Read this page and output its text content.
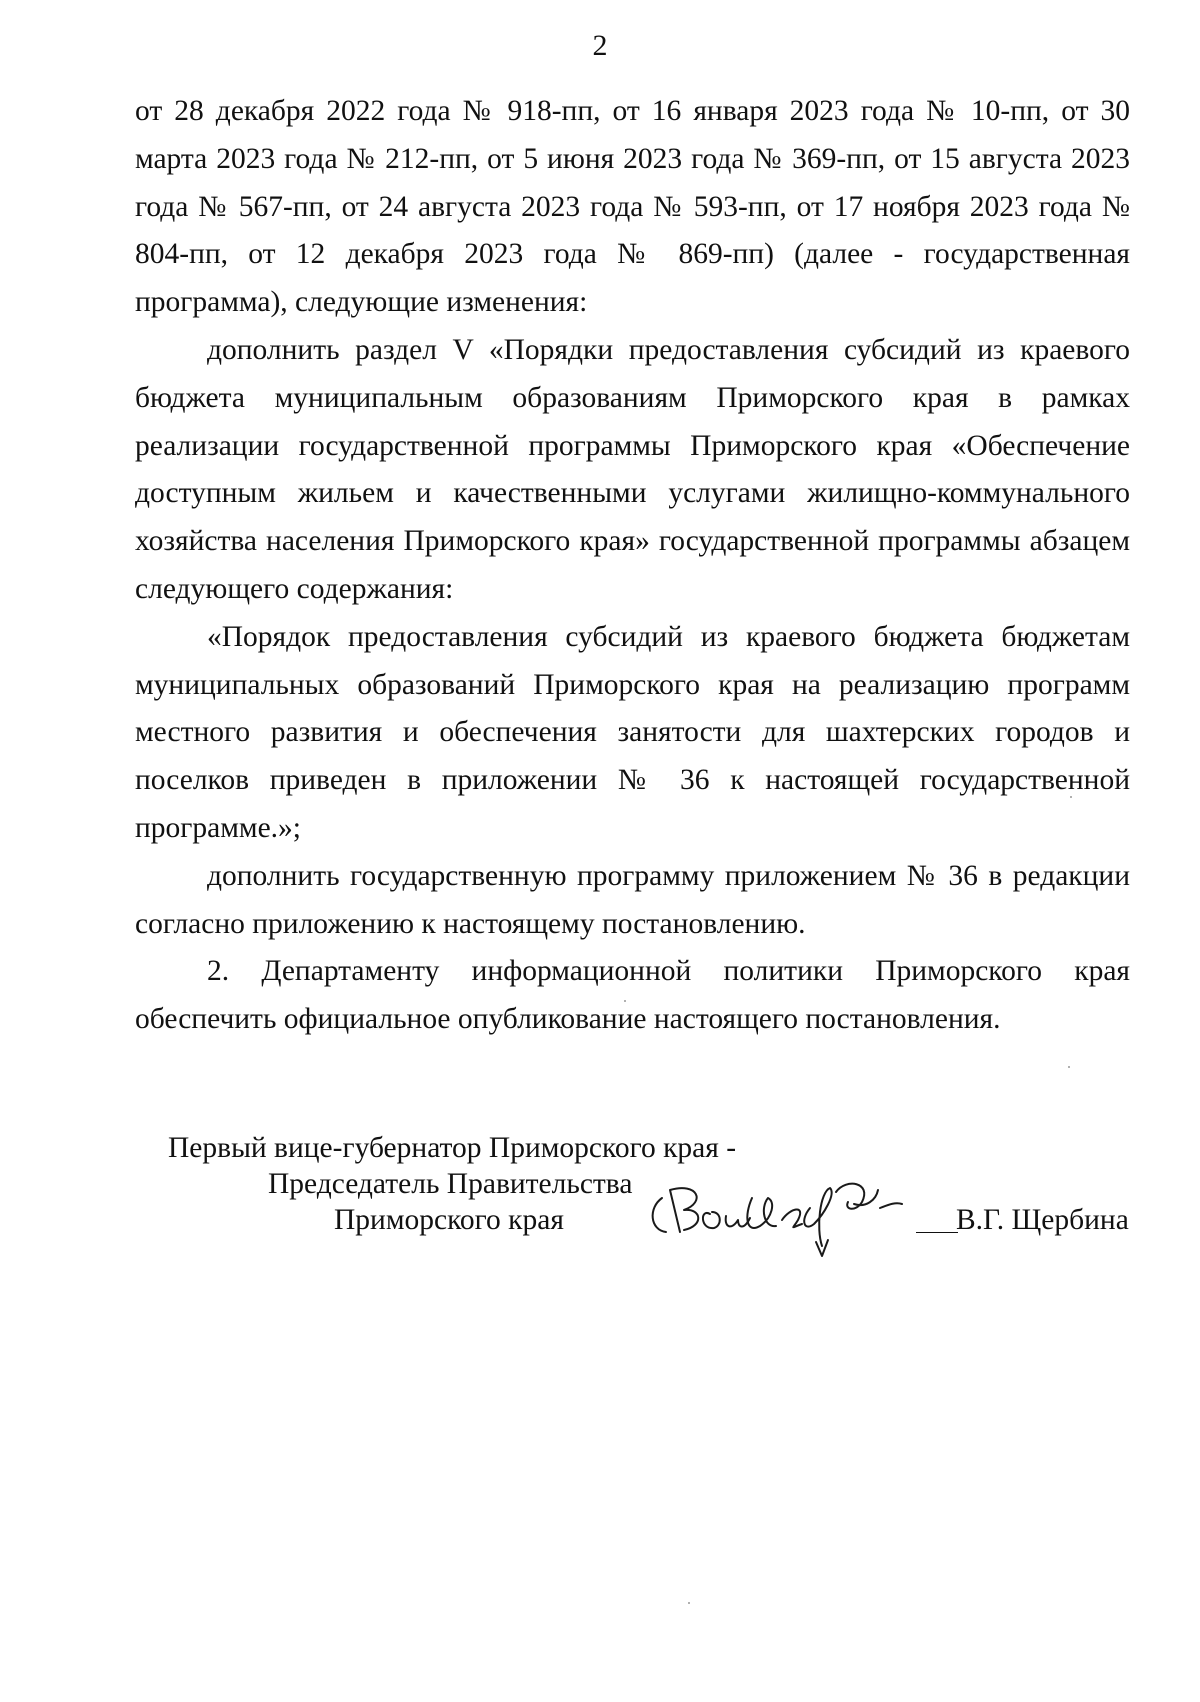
2

от 28 декабря 2022 года № 918-пп, от 16 января 2023 года № 10-пп, от 30 марта 2023 года № 212-пп, от 5 июня 2023 года № 369-пп, от 15 августа 2023 года № 567-пп, от 24 августа 2023 года № 593-пп, от 17 ноября 2023 года № 804-пп, от 12 декабря 2023 года № 869-пп) (далее - государственная программа), следующие изменения:

дополнить раздел V «Порядки предоставления субсидий из краевого бюджета муниципальным образованиям Приморского края в рамках реализации государственной программы Приморского края «Обеспечение доступным жильем и качественными услугами жилищно-коммунального хозяйства населения Приморского края» государственной программы абзацем следующего содержания:

«Порядок предоставления субсидий из краевого бюджета бюджетам муниципальных образований Приморского края на реализацию программ местного развития и обеспечения занятости для шахтерских городов и поселков приведен в приложении № 36 к настоящей государственной программе.»;

дополнить государственную программу приложением № 36 в редакции согласно приложению к настоящему постановлению.

2. Департаменту информационной политики Приморского края обеспечить официальное опубликование настоящего постановления.

Первый вице-губернатор Приморского края -
Председатель Правительства
Приморского края	В.Г. Щербина
